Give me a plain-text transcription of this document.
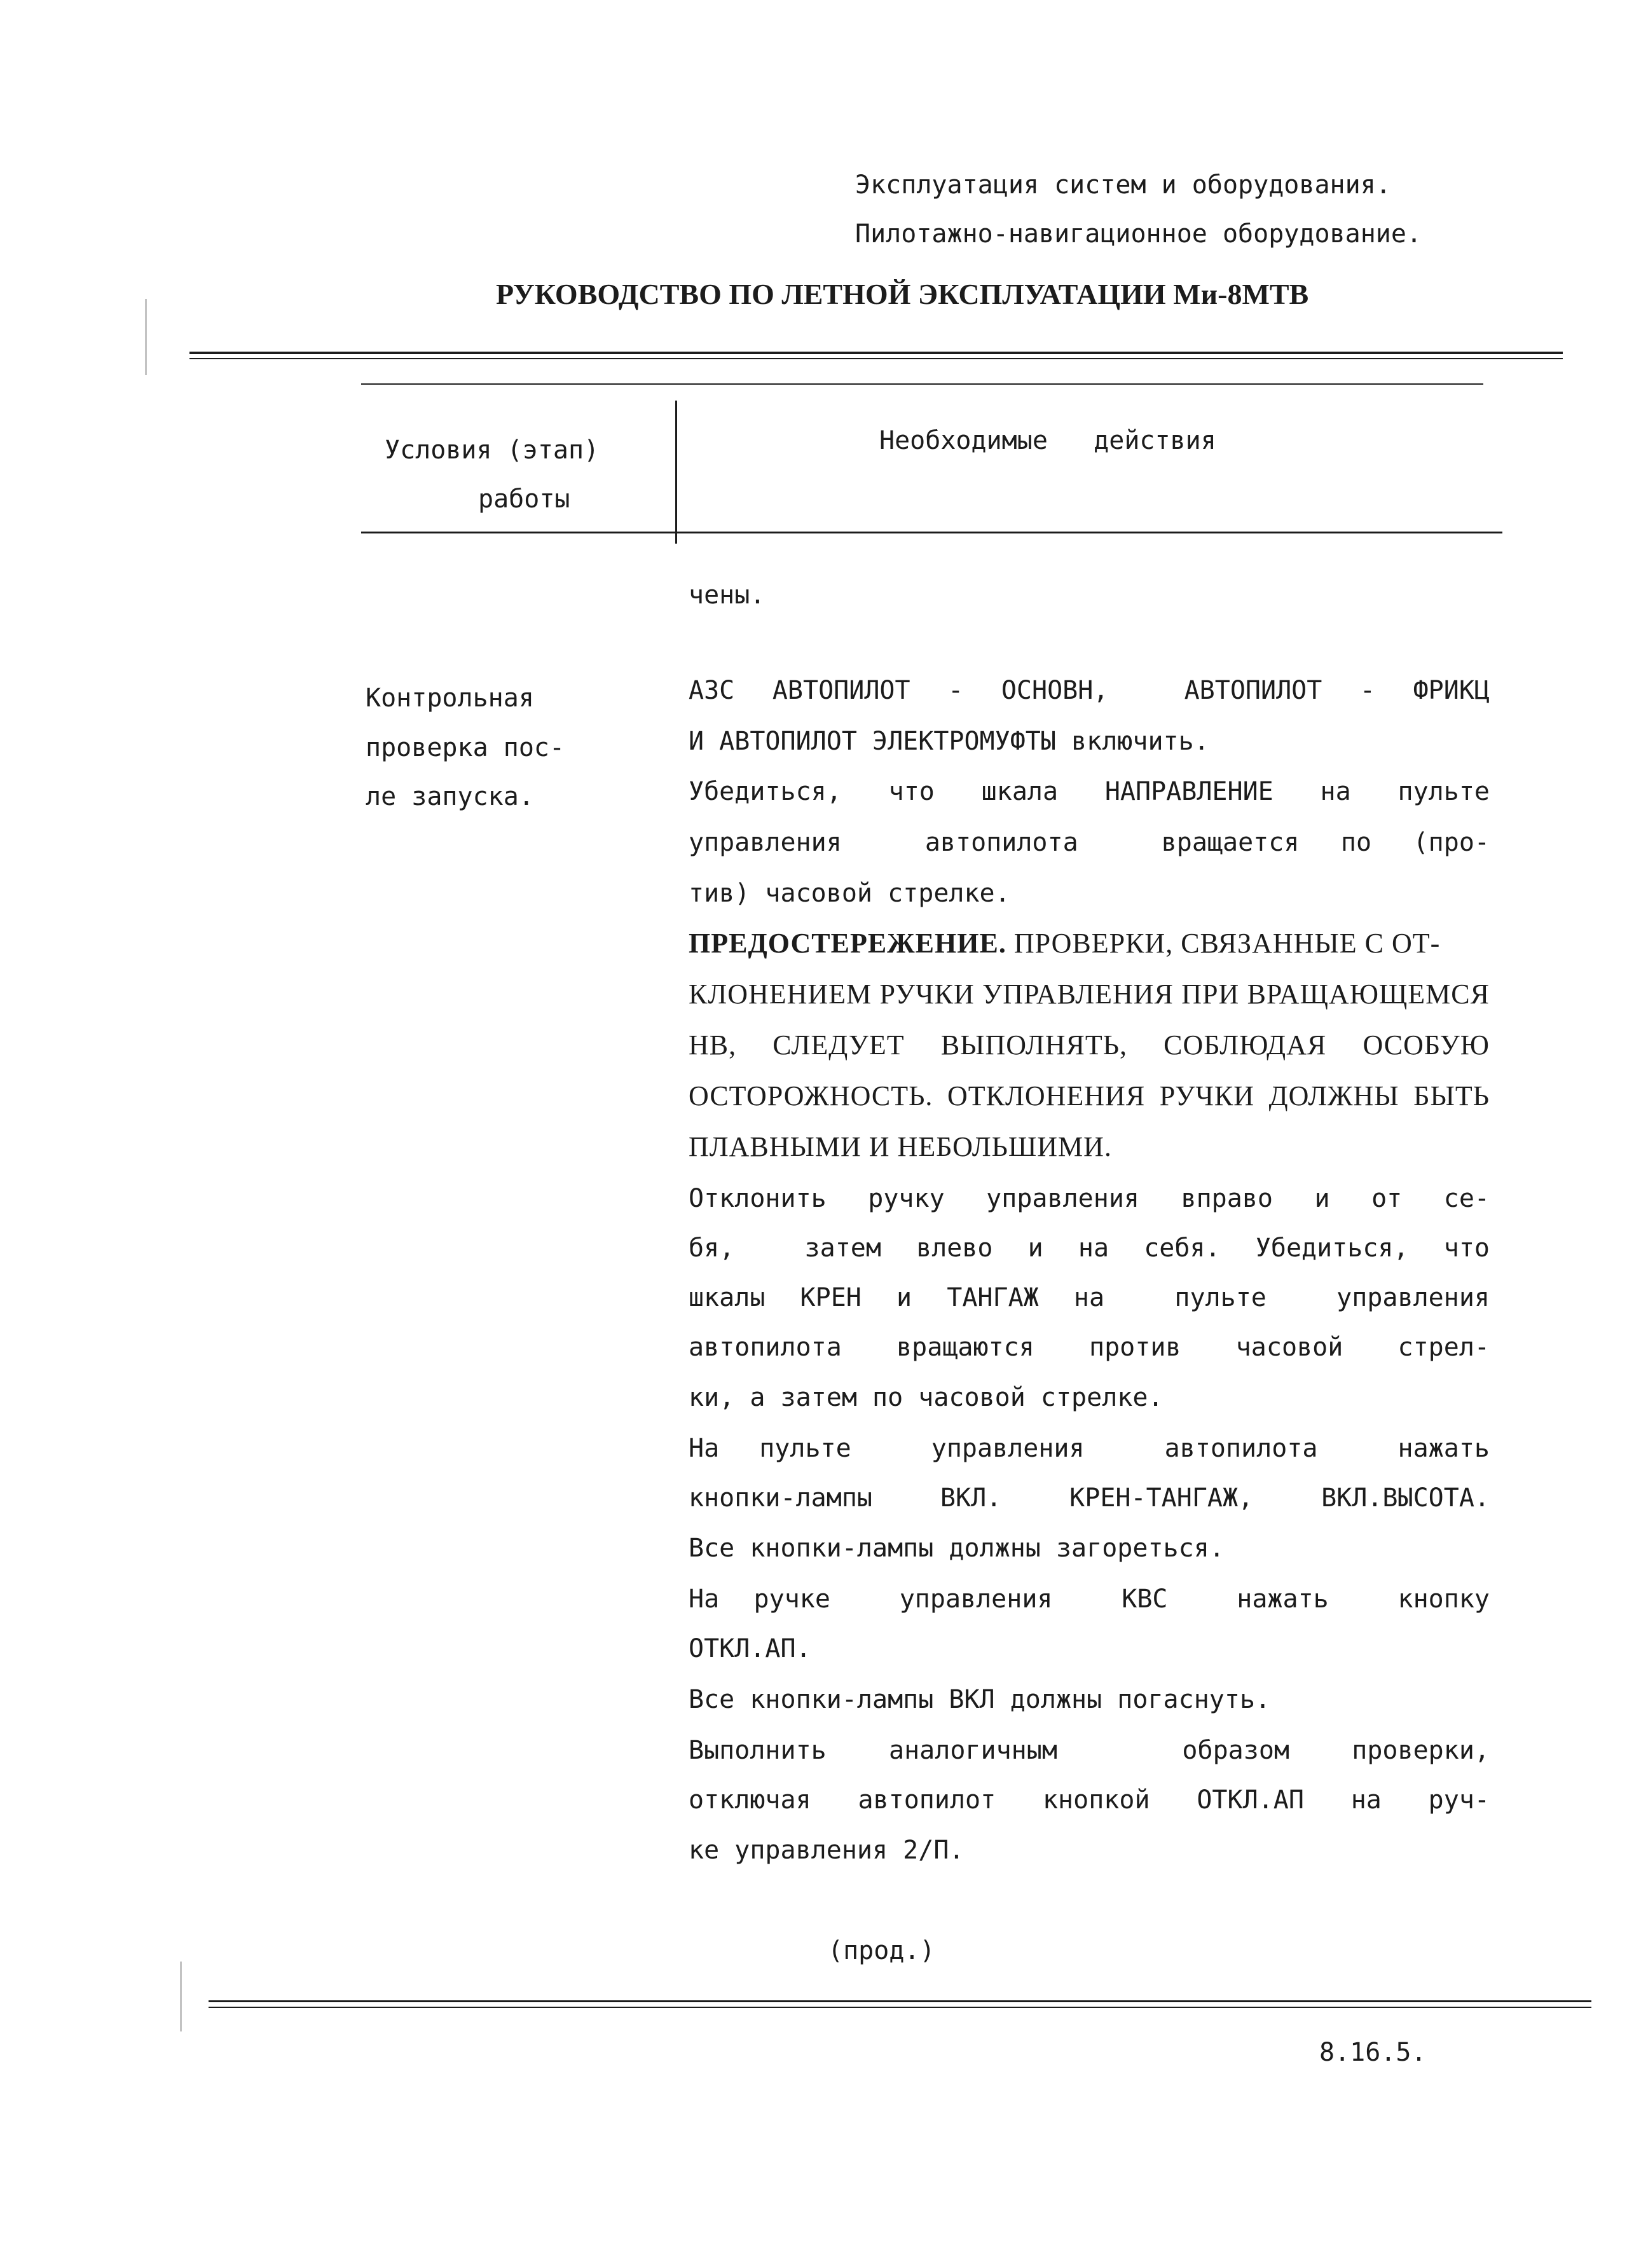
Эксплуатация систем и оборудования.
Пилотажно-навигационное оборудование.
РУКОВОДСТВО ПО ЛЕТНОЙ ЭКСПЛУАТАЦИИ Ми-8МТВ
Условия (этап)
работы
Необходимые   действия
чены.
Контрольная
проверка пос-
ле запуска.
АЗС АВТОПИЛОТ - ОСНОВН,  АВТОПИЛОТ - ФРИКЦ
И АВТОПИЛОТ ЭЛЕКТРОМУФТЫ включить.
Убедиться, что шкала НАПРАВЛЕНИЕ на пульте
управления  автопилота  вращается по (про-
тив) часовой стрелке.
ПРЕДОСТЕРЕЖЕНИЕ. ПРОВЕРКИ, СВЯЗАННЫЕ С ОТ-
КЛОНЕНИЕМ РУЧКИ УПРАВЛЕНИЯ ПРИ ВРАЩАЮЩЕМСЯ
НВ,  СЛЕДУЕТ  ВЫПОЛНЯТЬ,  СОБЛЮДАЯ  ОСОБУЮ
ОСТОРОЖНОСТЬ. ОТКЛОНЕНИЯ РУЧКИ ДОЛЖНЫ БЫТЬ
ПЛАВНЫМИ И НЕБОЛЬШИМИ.
Отклонить ручку управления вправо и от се-
бя,  затем влево и на себя. Убедиться, что
шкалы КРЕН и ТАНГАЖ на  пульте  управления
автопилота вращаются против часовой стрел-
ки, а затем по часовой стрелке.
На пульте  управления  автопилота  нажать
кнопки-лампы ВКЛ. КРЕН-ТАНГАЖ, ВКЛ.ВЫСОТА.
Все кнопки-лампы должны загореться.
На ручке  управления  КВС  нажать  кнопку
ОТКЛ.АП.
Все кнопки-лампы ВКЛ должны погаснуть.
Выполнить аналогичным  образом проверки,
отключая автопилот кнопкой ОТКЛ.АП на руч-
ке управления 2/П.
(прод.)
8.16.5.
